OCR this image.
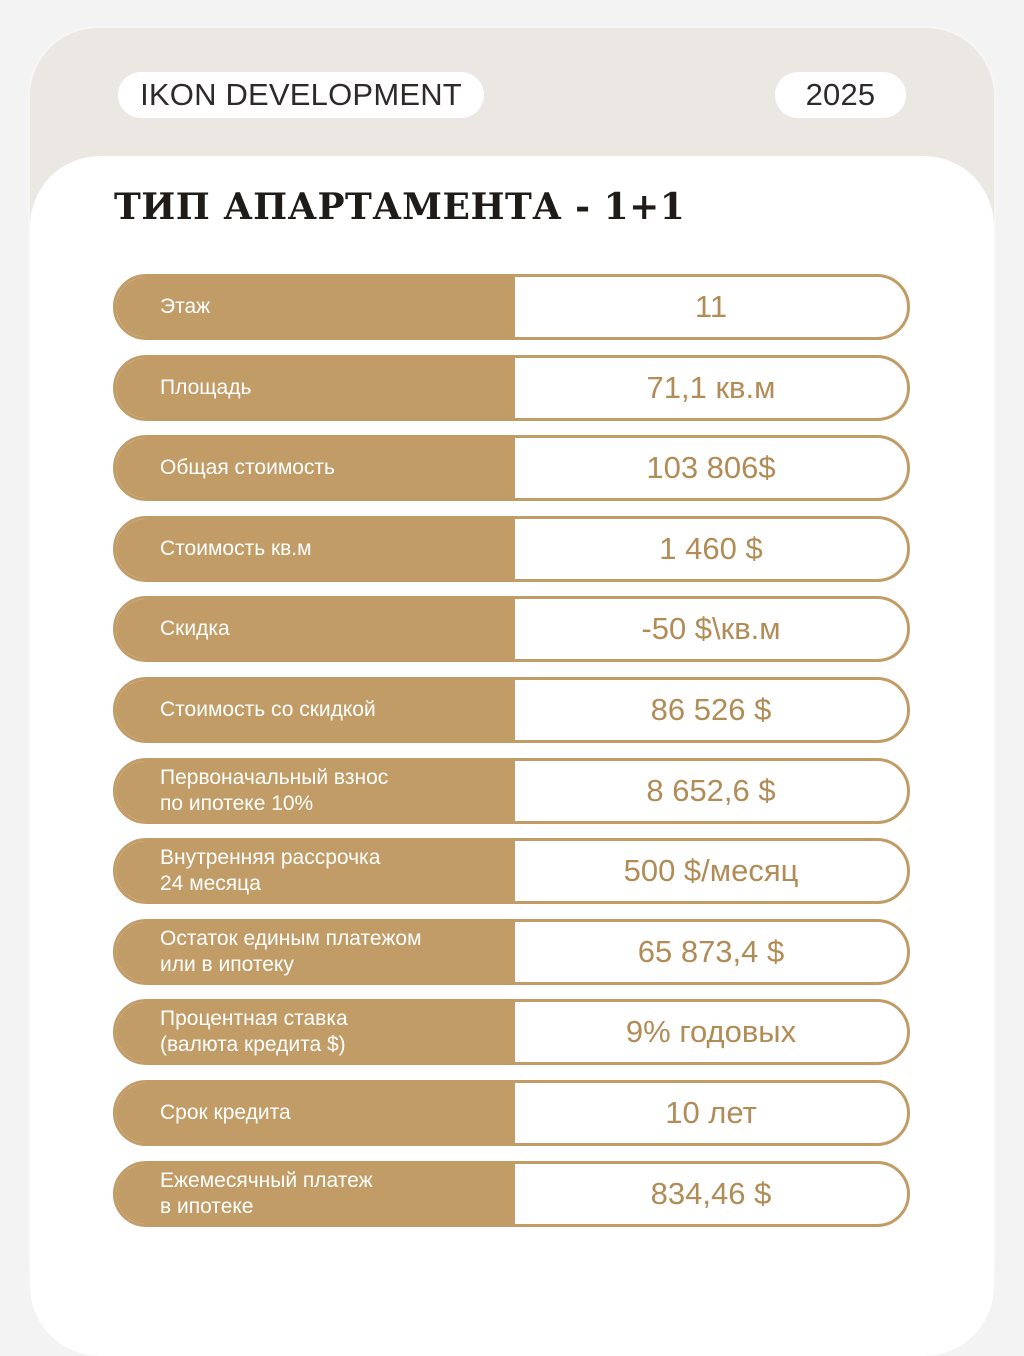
IKON DEVELOPMENT	2025
ТИП АПАРТАМЕНТА - 1+1
Этаж	11
Площадь	71,1 кв.м
Общая стоимость	103 806$
Стоимость кв.м	1 460 $
Скидка	-50 $\кв.м
Стоимость со скидкой	86 526 $
Первоначальный взнос
по ипотеке 10%	8 652,6 $
Внутренняя рассрочка
24 месяца	500 $/месяц
Остаток единым платежом
или в ипотеку	65 873,4 $
Процентная ставка
(валюта кредита $)	9% годовых
Срок кредита	10 лет
Ежемесячный платеж
в ипотеке	834,46 $
